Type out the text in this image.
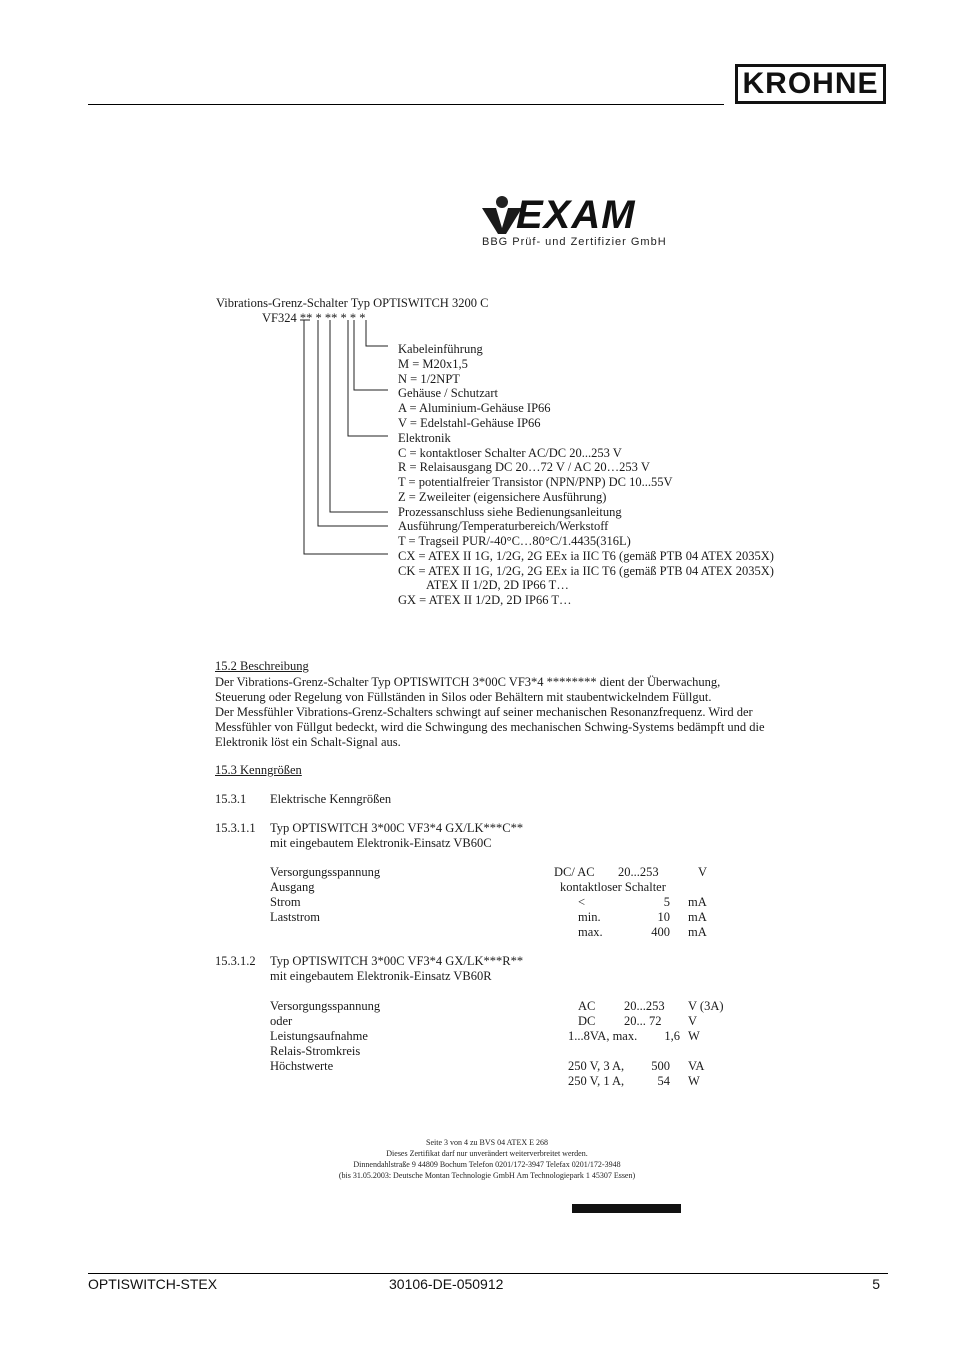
KROHNE
EXAM
BBG Prüf- und Zertifizier GmbH
Vibrations-Grenz-Schalter Typ OPTISWITCH 3200 C
VF324 ** * ** * * *
Kabeleinführung
M = M20x1,5
N = 1/2NPT
Gehäuse / Schutzart
A = Aluminium-Gehäuse IP66
V = Edelstahl-Gehäuse IP66
Elektronik
C = kontaktloser Schalter AC/DC 20...253 V
R = Relaisausgang DC 20…72 V / AC 20…253 V
T = potentialfreier Transistor (NPN/PNP) DC 10...55V
Z = Zweileiter (eigensichere Ausführung)
Prozessanschluss siehe Bedienungsanleitung
Ausführung/Temperaturbereich/Werkstoff
T = Tragseil PUR/-40°C…80°C/1.4435(316L)
CX = ATEX II 1G, 1/2G, 2G EEx ia IIC T6 (gemäß PTB 04 ATEX 2035X)
CK = ATEX II 1G, 1/2G, 2G EEx ia IIC T6 (gemäß PTB 04 ATEX 2035X)
ATEX II 1/2D, 2D IP66 T…
GX = ATEX II 1/2D, 2D IP66 T…
15.2 Beschreibung
Der Vibrations-Grenz-Schalter Typ OPTISWITCH 3*00C VF3*4 ******** dient der Überwachung,
Steuerung oder Regelung von Füllständen in Silos oder Behältern mit staubentwickelndem Füllgut.
Der Messfühler Vibrations-Grenz-Schalters schwingt auf seiner mechanischen Resonanzfrequenz. Wird der
Messfühler von Füllgut bedeckt, wird die Schwingung des mechanischen Schwing-Systems bedämpft und die
Elektronik löst ein Schalt-Signal aus.
15.3 Kenngrößen
15.3.1 Elektrische Kenngrößen
15.3.1.1 Typ OPTISWITCH 3*00C VF3*4 GX/LK***C**
mit eingebautem Elektronik-Einsatz VB60C
Versorgungsspannung	DC/ AC 20...253	V
Ausgang	kontaktloser Schalter
Strom	<	5 mA
Laststrom	min.	10 mA
max.	400 mA
15.3.1.2 Typ OPTISWITCH 3*00C VF3*4 GX/LK***R**
mit eingebautem Elektronik-Einsatz VB60R
Versorgungsspannung	AC 20...253 V (3A)
oder	DC 20... 72 V
Leistungsaufnahme	1...8VA, max.	1,6 W
Relais-Stromkreis
Höchstwerte	250 V, 3 A,	500 VA
250 V, 1 A,	54 W
Seite 3 von 4 zu BVS 04 ATEX E 268
Dieses Zertifikat darf nur unverändert weiterverbreitet werden.
Dinnendahlstraße 9 44809 Bochum Telefon 0201/172-3947 Telefax 0201/172-3948
(bis 31.05.2003: Deutsche Montan Technologie GmbH Am Technologiepark 1 45307 Essen)
OPTISWITCH-STEX	30106-DE-050912	5
